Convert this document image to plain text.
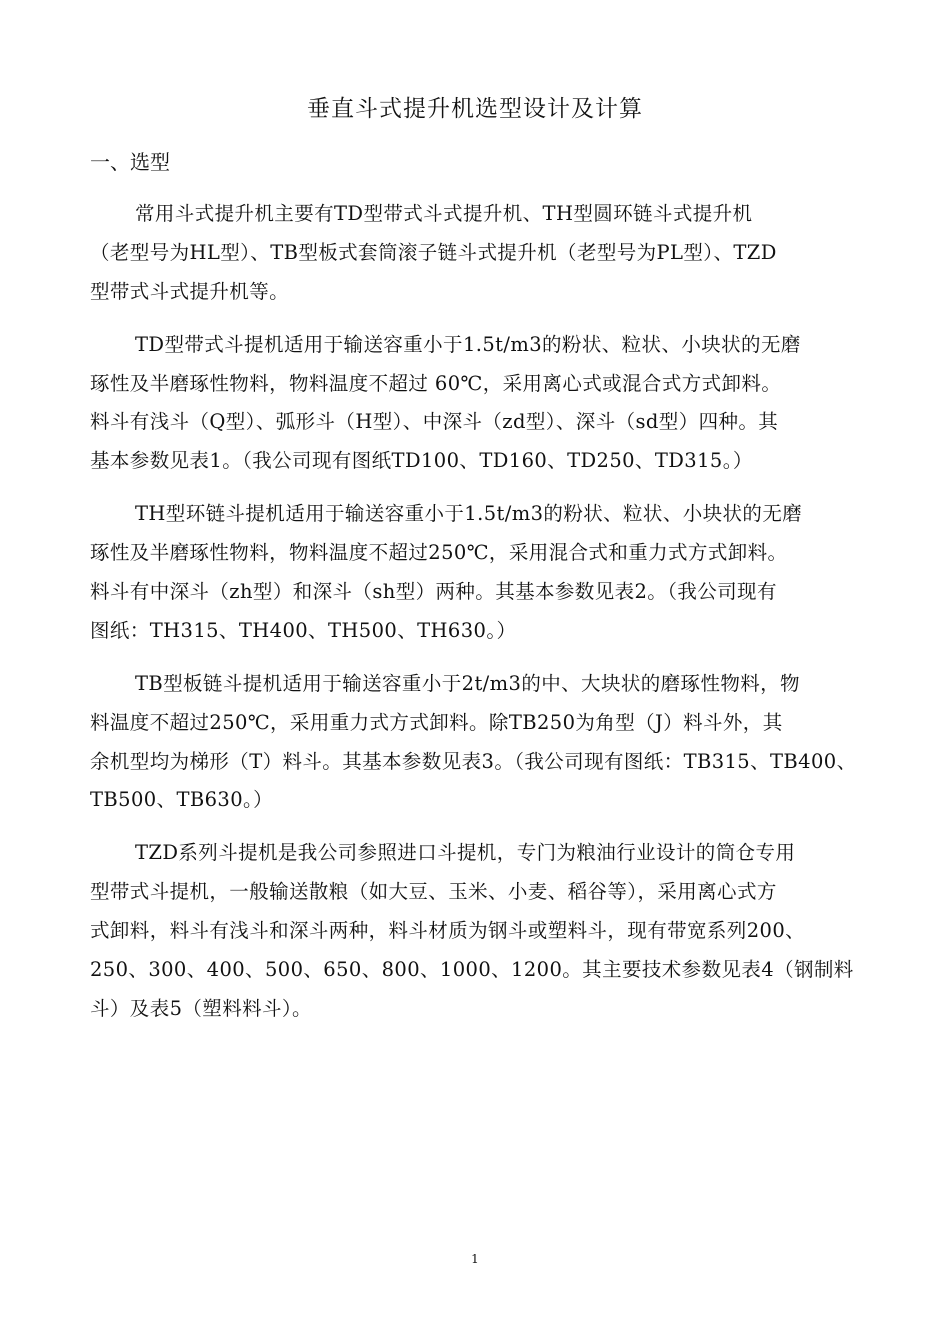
垂直斗式提升机选型设计及计算
一、选型
常用斗式提升机主要有TD型带式斗式提升机、TH型圆环链斗式提升机
（老型号为HL型）、TB型板式套筒滚子链斗式提升机（老型号为PL型）、TZD
型带式斗式提升机等。
TD型带式斗提机适用于输送容重小于1.5t/m3的粉状、粒状、小块状的无磨
琢性及半磨琢性物料，物料温度不超过 60℃，采用离心式或混合式方式卸料。
料斗有浅斗（Q型）、弧形斗（H型）、中深斗（zd型）、深斗（sd型）四种。其
基本参数见表1。（我公司现有图纸TD100、TD160、TD250、TD315。）
TH型环链斗提机适用于输送容重小于1.5t/m3的粉状、粒状、小块状的无磨
琢性及半磨琢性物料，物料温度不超过250℃，采用混合式和重力式方式卸料。
料斗有中深斗（zh型）和深斗（sh型）两种。其基本参数见表2。（我公司现有
图纸：TH315、TH400、TH500、TH630。）
TB型板链斗提机适用于输送容重小于2t/m3的中、大块状的磨琢性物料，物
料温度不超过250℃，采用重力式方式卸料。除TB250为角型（J）料斗外，其
余机型均为梯形（T）料斗。其基本参数见表3。（我公司现有图纸：TB315、TB400、
TB500、TB630。）
TZD系列斗提机是我公司参照进口斗提机，专门为粮油行业设计的筒仓专用
型带式斗提机，一般输送散粮（如大豆、玉米、小麦、稻谷等），采用离心式方
式卸料，料斗有浅斗和深斗两种，料斗材质为钢斗或塑料斗，现有带宽系列200、
250、300、400、500、650、800、1000、1200。其主要技术参数见表4（钢制料
斗）及表5（塑料料斗）。
1
